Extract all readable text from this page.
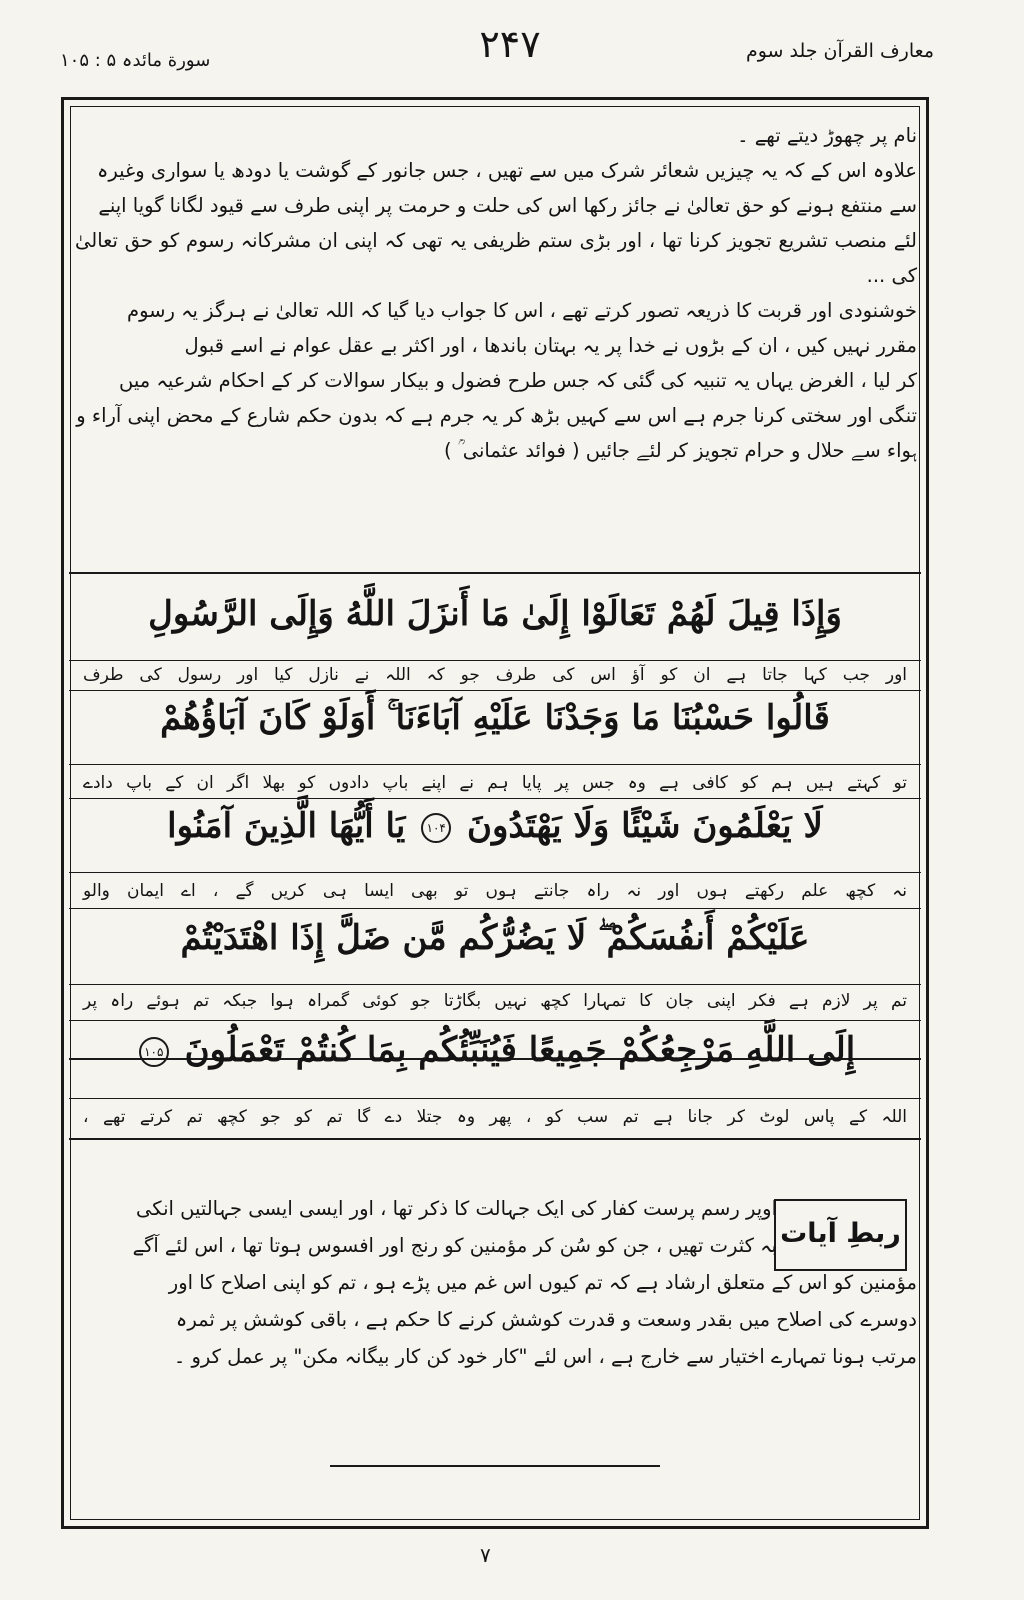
معارف القرآن جلد سوم
۲۴۷
سورة مائدہ ۵ : ۱۰۵

نام پر چھوڑ دیتے تھے ۔

علاوہ اس کے کہ یہ چیزیں شعائر شرک میں سے تھیں ، جس جانور کے گوشت یا دودھ یا سواری وغیرہ

سے منتفع ہونے کو حق تعالیٰ نے جائز رکھا اس کی حلت و حرمت پر اپنی طرف سے قیود لگانا گویا اپنے

لئے منصب تشریع تجویز کرنا تھا ، اور بڑی ستم ظریفی یہ تھی کہ اپنی ان مشرکانہ رسوم کو حق تعالیٰ کی ...

خوشنودی اور قربت کا ذریعہ تصور کرتے تھے ، اس کا جواب دیا گیا کہ اللہ تعالیٰ نے ہرگز یہ رسوم

مقرر نہیں کیں ، ان کے بڑوں نے خدا پر یہ بہتان باندھا ، اور اکثر بے عقل عوام نے اسے قبول

کر لیا ، الغرض یہاں یہ تنبیہ کی گئی کہ جس طرح فضول و بیکار سوالات کر کے احکام شرعیہ میں

تنگی اور سختی کرنا جرم ہے اس سے کہیں بڑھ کر یہ جرم ہے کہ بدون حکم شارع کے محض اپنی آراء و

ہواء سے حلال و حرام تجویز کر لئے جائیں ( فوائد عثمانی ؒ )

وَإِذَا قِيلَ لَهُمْ تَعَالَوْا إِلَىٰ مَا أَنزَلَ اللَّهُ وَإِلَى الرَّسُولِ
اور جب کہا جاتا ہے ان کو آؤ اس کی طرف جو کہ اللہ نے نازل کیا اور رسول کی طرف
قَالُوا حَسْبُنَا مَا وَجَدْنَا عَلَيْهِ آبَاءَنَا ۚ أَوَلَوْ كَانَ آبَاؤُهُمْ
تو کہتے ہیں ہم کو کافی ہے وہ جس پر پایا ہم نے اپنے باپ دادوں کو بھلا اگر ان کے باپ دادے
لَا يَعْلَمُونَ شَيْئًا وَلَا يَهْتَدُونَ ۱۰۴ يَا أَيُّهَا الَّذِينَ آمَنُوا
نہ کچھ علم رکھتے ہوں اور نہ راہ جانتے ہوں تو بھی ایسا ہی کریں گے ، اے ایمان والو
عَلَيْكُمْ أَنفُسَكُمْ ۖ لَا يَضُرُّكُم مَّن ضَلَّ إِذَا اهْتَدَيْتُمْ
تم پر لازم ہے فکر اپنی جان کا تمہارا کچھ نہیں بگاڑتا جو کوئی گمراہ ہوا جبکہ تم ہوئے راہ پر
إِلَى اللَّهِ مَرْجِعُكُمْ جَمِيعًا فَيُنَبِّئُكُم بِمَا كُنتُمْ تَعْمَلُونَ ۱۰۵
اللہ کے پاس لوٹ کر جانا ہے تم سب کو ، پھر وہ جتلا دے گا تم کو جو کچھ تم کرتے تھے ،
ربطِ آیات

اوپر رسم پرست کفار کی ایک جہالت کا ذکر تھا ، اور ایسی ایسی جہالتیں انکی

بہ کثرت تھیں ، جن کو سُن کر مؤمنین کو رنج اور افسوس ہوتا تھا ، اس لئے آگے

مؤمنین کو اس کے متعلق ارشاد ہے کہ تم کیوں اس غم میں پڑے ہو ، تم کو اپنی اصلاح کا اور

دوسرے کی اصلاح میں بقدر وسعت و قدرت کوشش کرنے کا حکم ہے ، باقی کوشش پر ثمرہ

مرتب ہونا تمہارے اختیار سے خارج ہے ، اس لئے "کار خود کن کار بیگانہ مکن" پر عمل کرو ۔

۷
